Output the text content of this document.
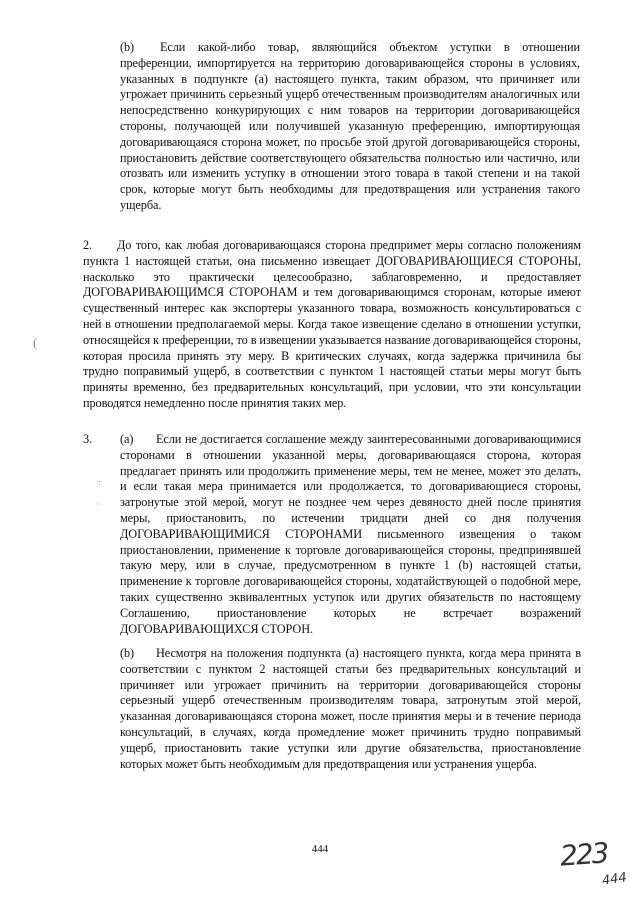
(b) Если какой-либо товар, являющийся объектом уступки в отношении преференции, импортируется на территорию договаривающейся стороны в условиях, указанных в подпункте (а) настоящего пункта, таким образом, что причиняет или угрожает причинить серьезный ущерб отечественным производителям аналогичных или непосредственно конкурирующих с ним товаров на территории договаривающейся стороны, получающей или получившей указанную преференцию, импортирующая договаривающаяся сторона может, по просьбе этой другой договаривающейся стороны, приостановить действие соответствующего обязательства полностью или частично, или отозвать или изменить уступку в отношении этого товара в такой степени и на такой срок, которые могут быть необходимы для предотвращения или устранения такого ущерба.

2. До того, как любая договаривающаяся сторона предпримет меры согласно положениям пункта 1 настоящей статьи, она письменно извещает ДОГОВАРИВАЮЩИЕСЯ СТОРОНЫ, насколько это практически целесообразно, заблаговременно, и предоставляет ДОГОВАРИВАЮЩИМСЯ СТОРОНАМ и тем договаривающимся сторонам, которые имеют существенный интерес как экспортеры указанного товара, возможность консультироваться с ней в отношении предполагаемой меры. Когда такое извещение сделано в отношении уступки, относящейся к преференции, то в извещении указывается название договаривающейся стороны, которая просила принять эту меру. В критических случаях, когда задержка причинила бы трудно поправимый ущерб, в соответствии с пунктом 1 настоящей статьи меры могут быть приняты временно, без предварительных консультаций, при условии, что эти консультации проводятся немедленно после принятия таких мер.

3. (a) Если не достигается соглашение между заинтересованными договаривающимися сторонами в отношении указанной меры, договаривающаяся сторона, которая предлагает принять или продолжить применение меры, тем не менее, может это делать, и если такая мера принимается или продолжается, то договаривающиеся стороны, затронутые этой мерой, могут не позднее чем через девяносто дней после принятия меры, приостановить, по истечении тридцати дней со дня получения ДОГОВАРИВАЮЩИМИСЯ СТОРОНАМИ письменного извещения о таком приостановлении, применение к торговле договаривающейся стороны, предпринявшей такую меру, или в случае, предусмотренном в пункте 1 (b) настоящей статьи, применение к торговле договаривающейся стороны, ходатайствующей о подобной мере, таких существенно эквивалентных уступок или других обязательств по настоящему Соглашению, приостановление которых не встречает возражений ДОГОВАРИВАЮЩИХСЯ СТОРОН.

(b) Несмотря на положения подпункта (а) настоящего пункта, когда мера принята в соответствии с пунктом 2 настоящей статьи без предварительных консультаций и причиняет или угрожает причинить на территории договаривающейся стороны серьезный ущерб отечественным производителям товара, затронутым этой мерой, указанная договаривающаяся сторона может, после принятия меры и в течение периода консультаций, в случаях, когда промедление может причинить трудно поправимый ущерб, приостановить такие уступки или другие обязательства, приостановление которых может быть необходимым для предотвращения или устранения ущерба.

444	223
444
(
·:
·
